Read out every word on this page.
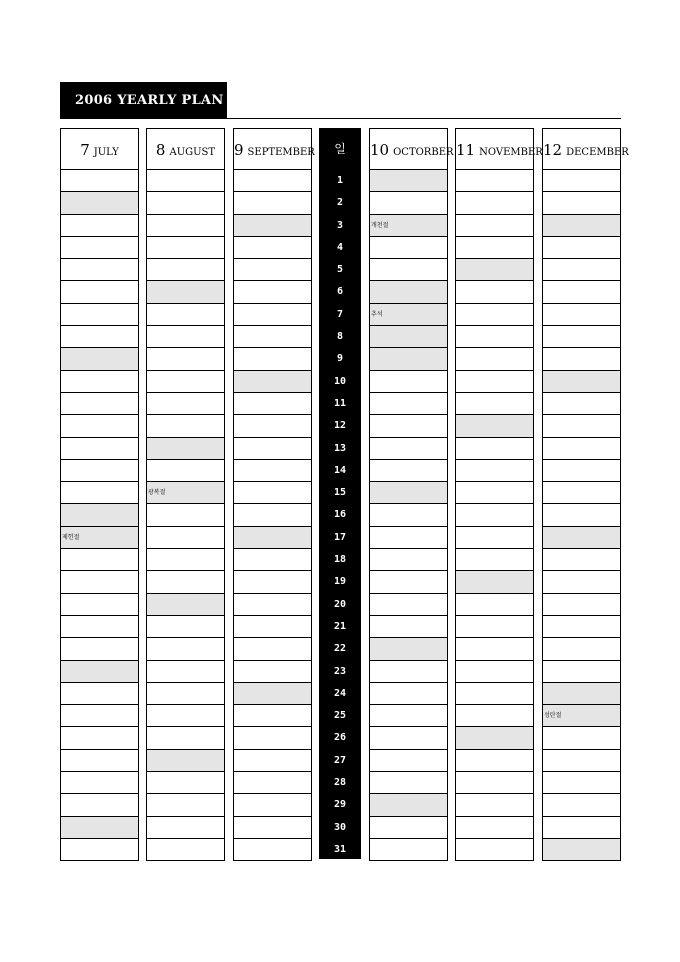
2006 YEARLY PLAN
7 JULY
제헌절
8 AUGUST
광복절
9 SEPTEMBER	10 OCTORBER
개천절
추석
11 NOVEMBER 12 DECEMBER
성탄절
일
1
2
3
4
5
6
7
8
9
10
11
12
13
14
15
16
17
18
19
20
21
22
23
24
25
26
27
28
29
30
31
